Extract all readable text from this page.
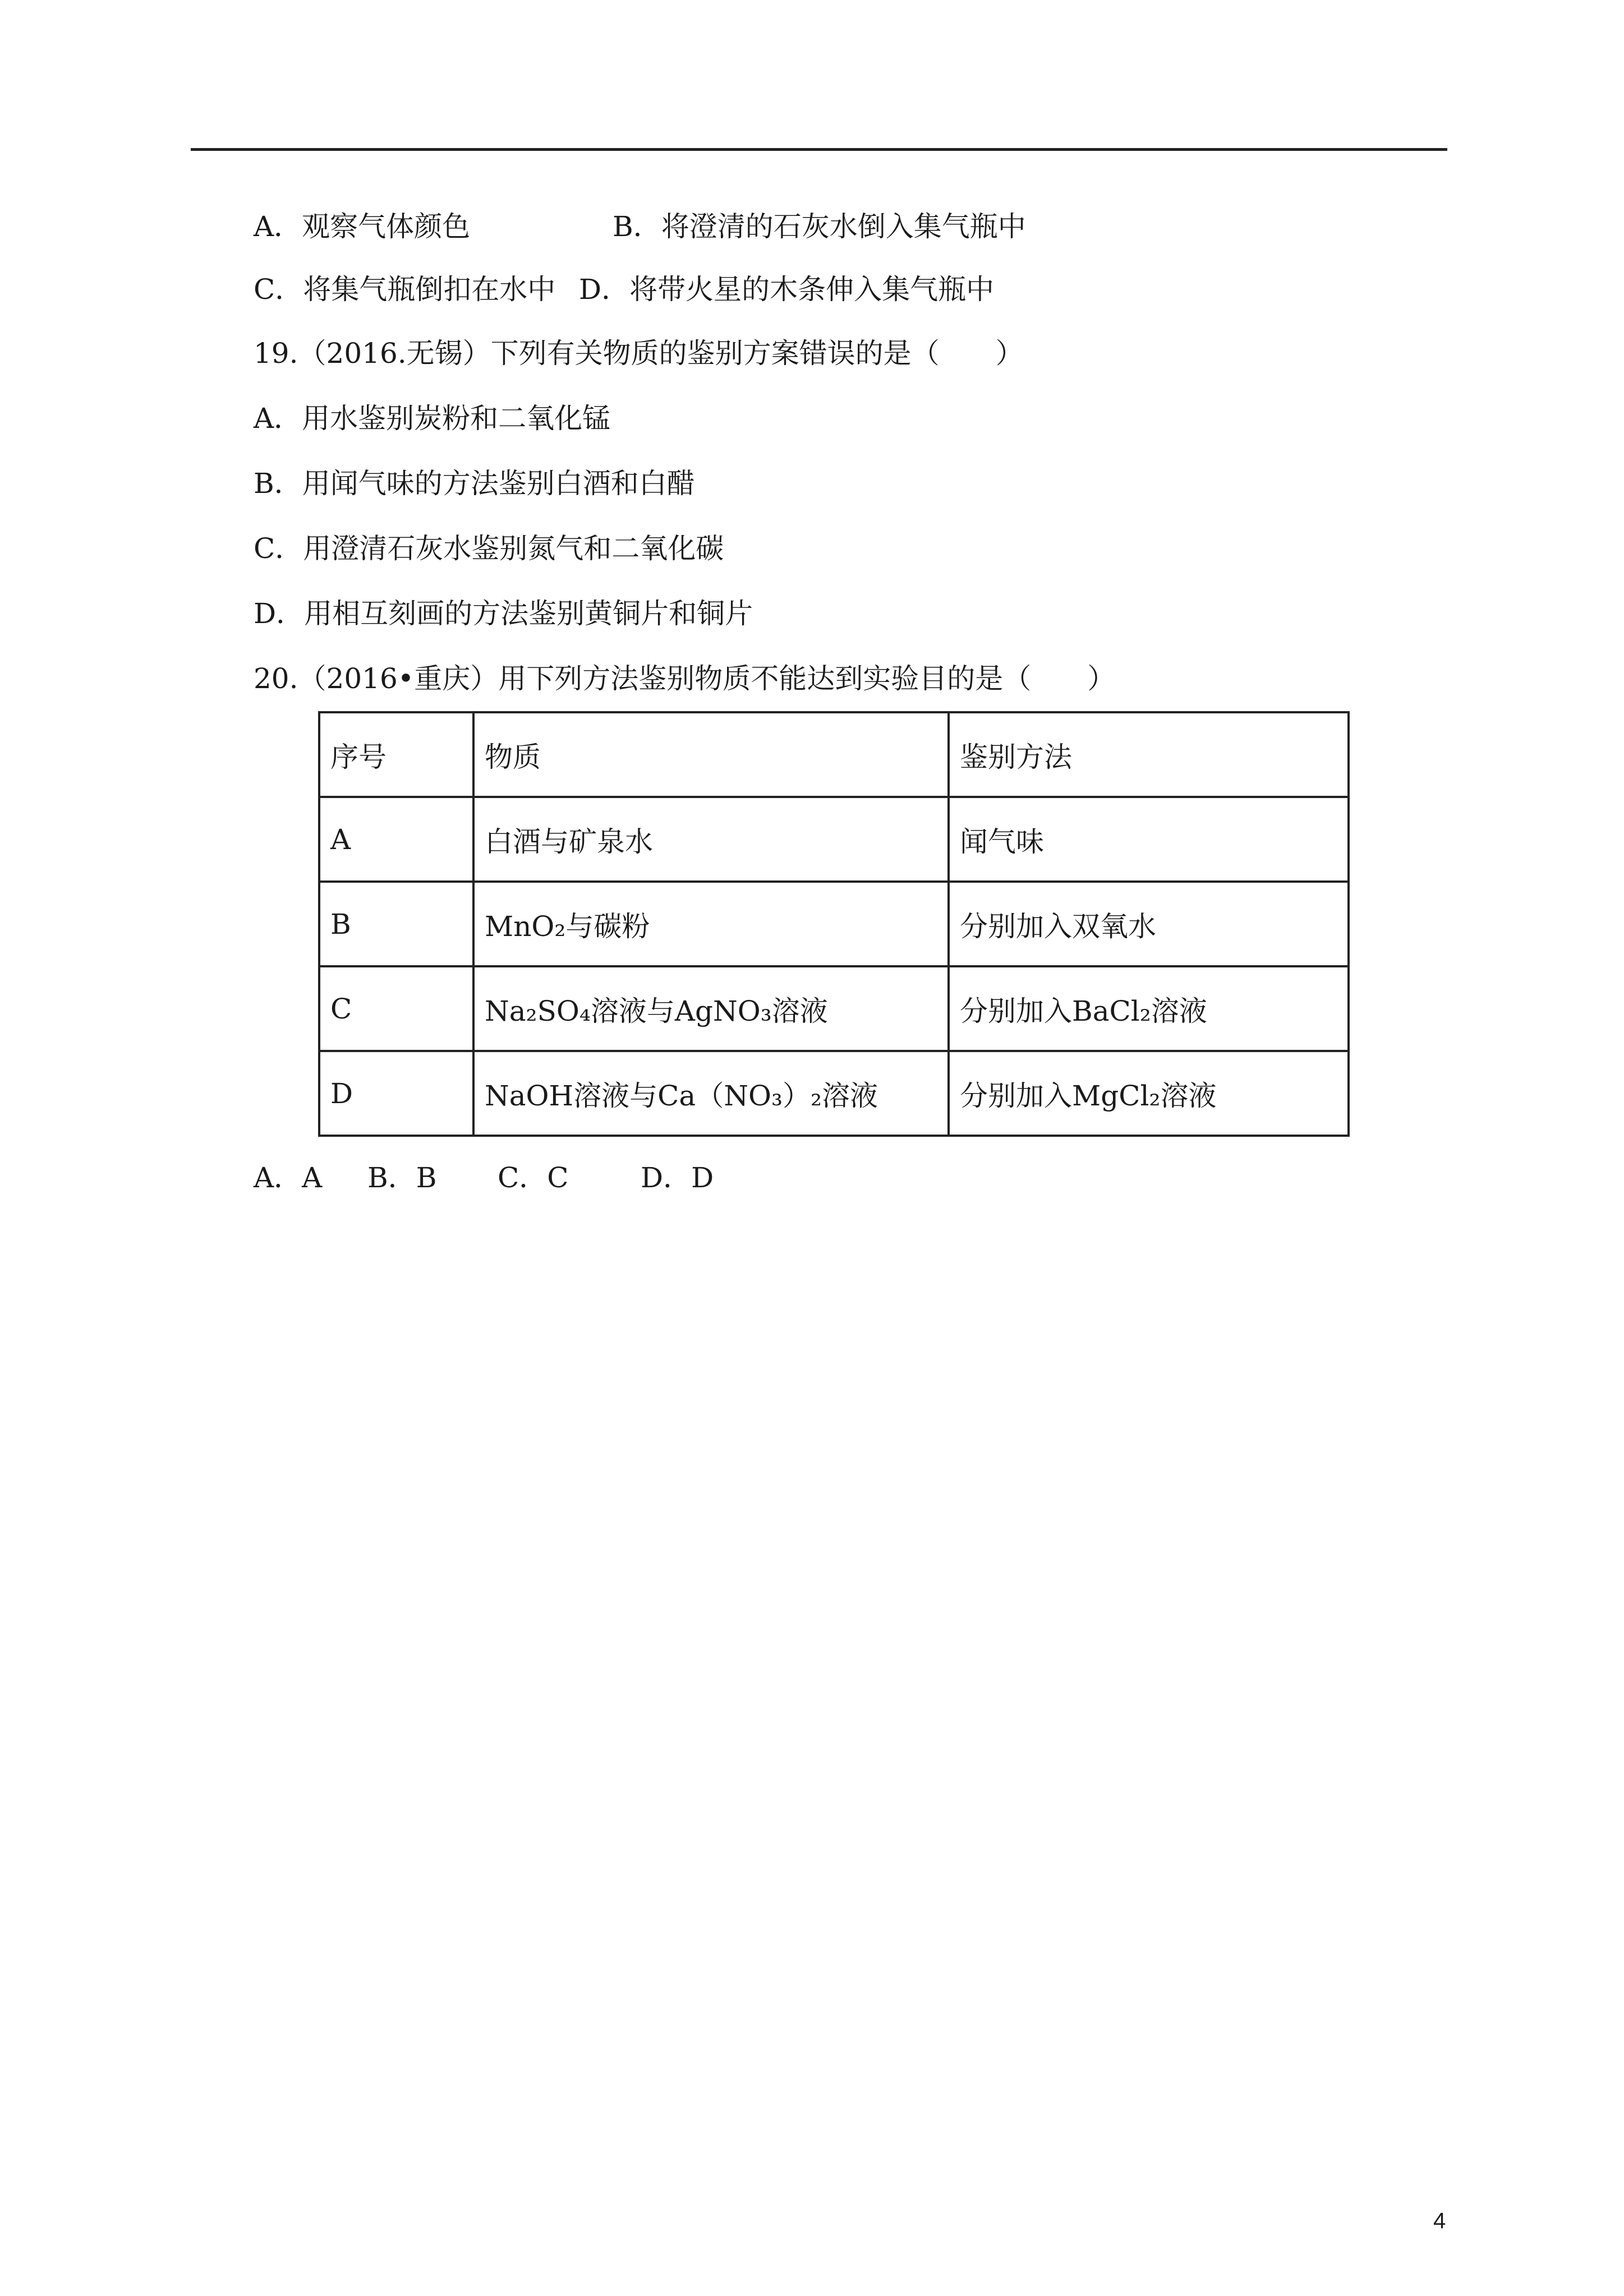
A．观察气体颜色

	B．将澄清的石灰水倒入集气瓶中

C．将集气瓶倒扣在水中

D．将带火星的木条伸入集气瓶中

19.（2016.无锡）下列有关物质的鉴别方案错误的是（　　）
A．用水鉴别炭粉和二氧化锰
B．用闻气味的方法鉴别白酒和白醋
C．用澄清石灰水鉴别氮气和二氧化碳
D．用相互刻画的方法鉴别黄铜片和铜片
20.（2016•重庆）用下列方法鉴别物质不能达到实验目的是（　　）
序号	物质	鉴别方法
A	白酒与矿泉水	闻气味
B	MnO₂与碳粉	分别加入双氧水
C	Na₂SO₄溶液与AgNO₃溶液	分别加入BaCl₂溶液
D	NaOH溶液与Ca（NO₃）₂溶液	分别加入MgCl₂溶液

A．A

B．B

C．C

	D．D

4
